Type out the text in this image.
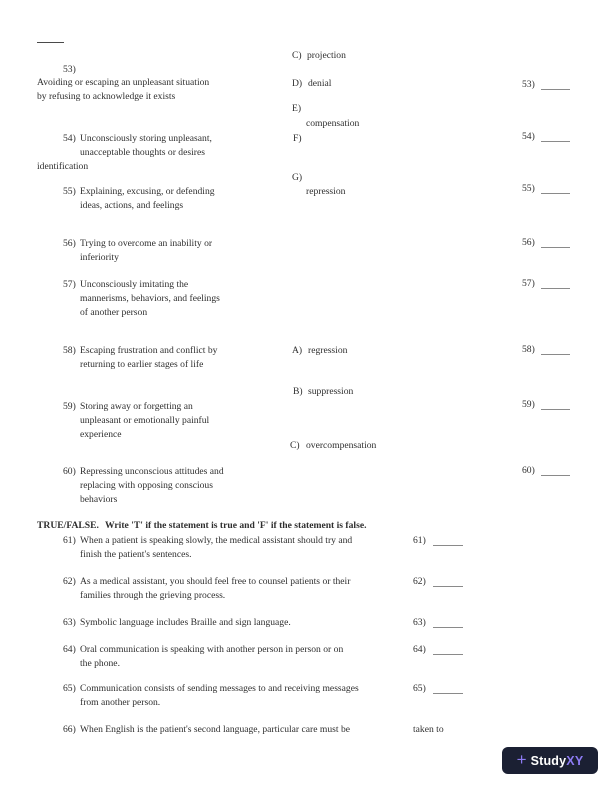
53)
Avoiding or escaping an unpleasant situation
by refusing to acknowledge it exists
54) Unconsciously storing unpleasant,
unacceptable thoughts or desires
identification
55) Explaining, excusing, or defending
ideas, actions, and feelings
56) Trying to overcome an inability or
inferiority
57) Unconsciously imitating the
mannerisms, behaviors, and feelings
of another person
58) Escaping frustration and conflict by
returning to earlier stages of life
59) Storing away or forgetting an
unpleasant or emotionally painful
experience
60) Repressing unconscious attitudes and
replacing with opposing conscious
behaviors
C) projection
D) denial
E)
compensation
F)
G)
repression
A) regression
B) suppression
C) overcompensation
53)
54)
55)
56)
57)
58)
59)
60)
TRUE/FALSE. Write 'T' if the statement is true and 'F' if the statement is false.
61) When a patient is speaking slowly, the medical assistant should try and
finish the patient's sentences.
61)
62) As a medical assistant, you should feel free to counsel patients or their
families through the grieving process.
62)
63) Symbolic language includes Braille and sign language.	63)
64) Oral communication is speaking with another person in person or on
the phone.
64)
65) Communication consists of sending messages to and receiving messages
from another person.
65)
66) When English is the patient's second language, particular care must be	taken to
+ StudyXY
